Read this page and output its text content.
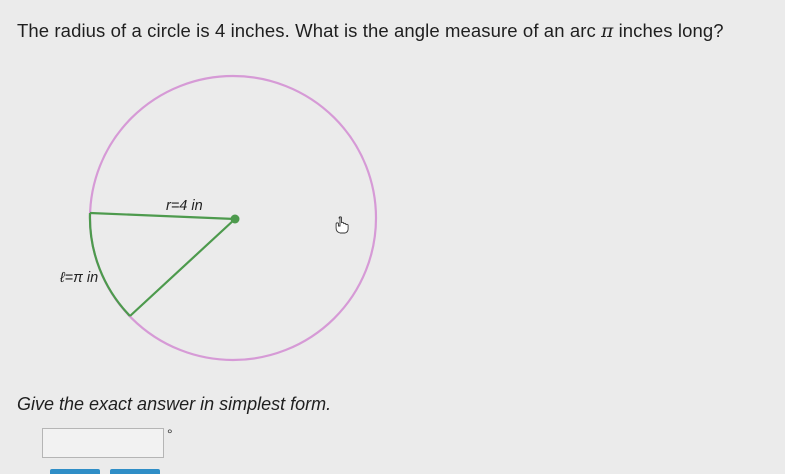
The radius of a circle is 4 inches. What is the angle measure of an arc π inches long?
r=4 in
ℓ=π in
Give the exact answer in simplest form.
°
